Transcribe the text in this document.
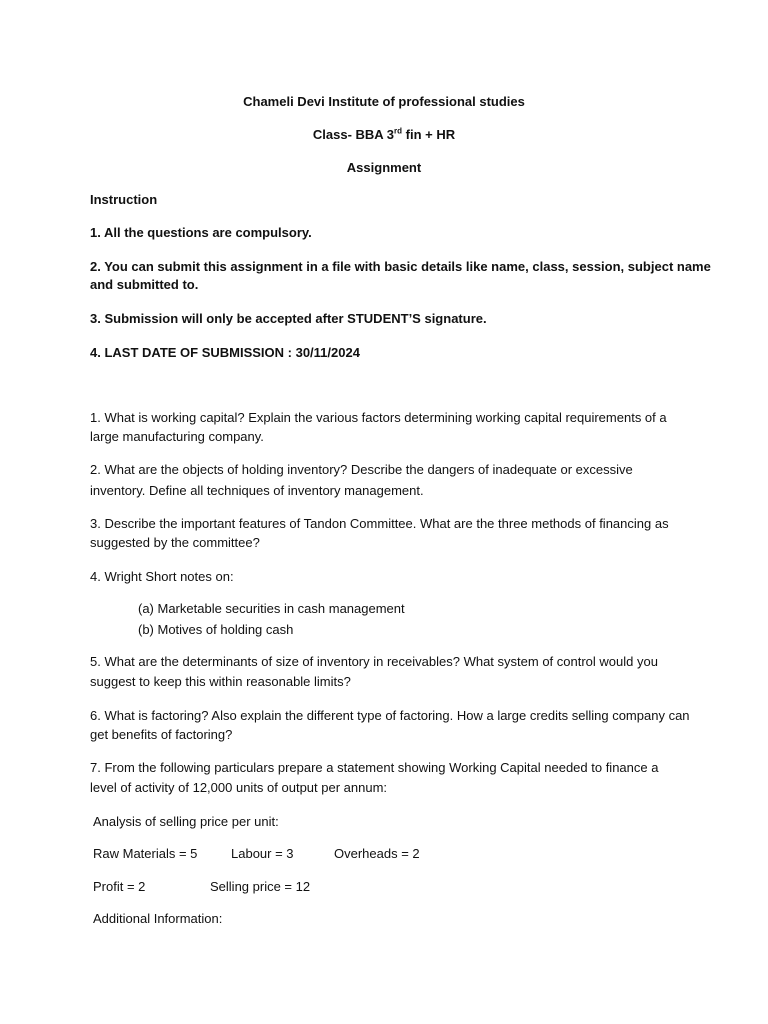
Chameli Devi Institute of professional studies
Class- BBA 3rd fin + HR
Assignment
Instruction
1. All the questions are compulsory.
2. You can submit this assignment in a file with basic details like name, class, session, subject name
and submitted to.
3. Submission will only be accepted after STUDENT’S signature.
4. LAST DATE OF SUBMISSION : 30/11/2024
1. What is working capital? Explain the various factors determining working capital requirements of a
large manufacturing company.
2. What are the objects of holding inventory? Describe the dangers of inadequate or excessive
inventory. Define all techniques of inventory management.
3. Describe the important features of Tandon Committee. What are the three methods of financing as
suggested by the committee?
4. Wright Short notes on:
(a) Marketable securities in cash management
(b) Motives of holding cash
5. What are the determinants of size of inventory in receivables? What system of control would you
suggest to keep this within reasonable limits?
6. What is factoring? Also explain the different type of factoring. How a large credits selling company can
get benefits of factoring?
7. From the following particulars prepare a statement showing Working Capital needed to finance a
level of activity of 12,000 units of output per annum:
Analysis of selling price per unit:
Raw Materials = 5	Labour = 3	Overheads = 2
Profit = 2	Selling price = 12
Additional Information:
